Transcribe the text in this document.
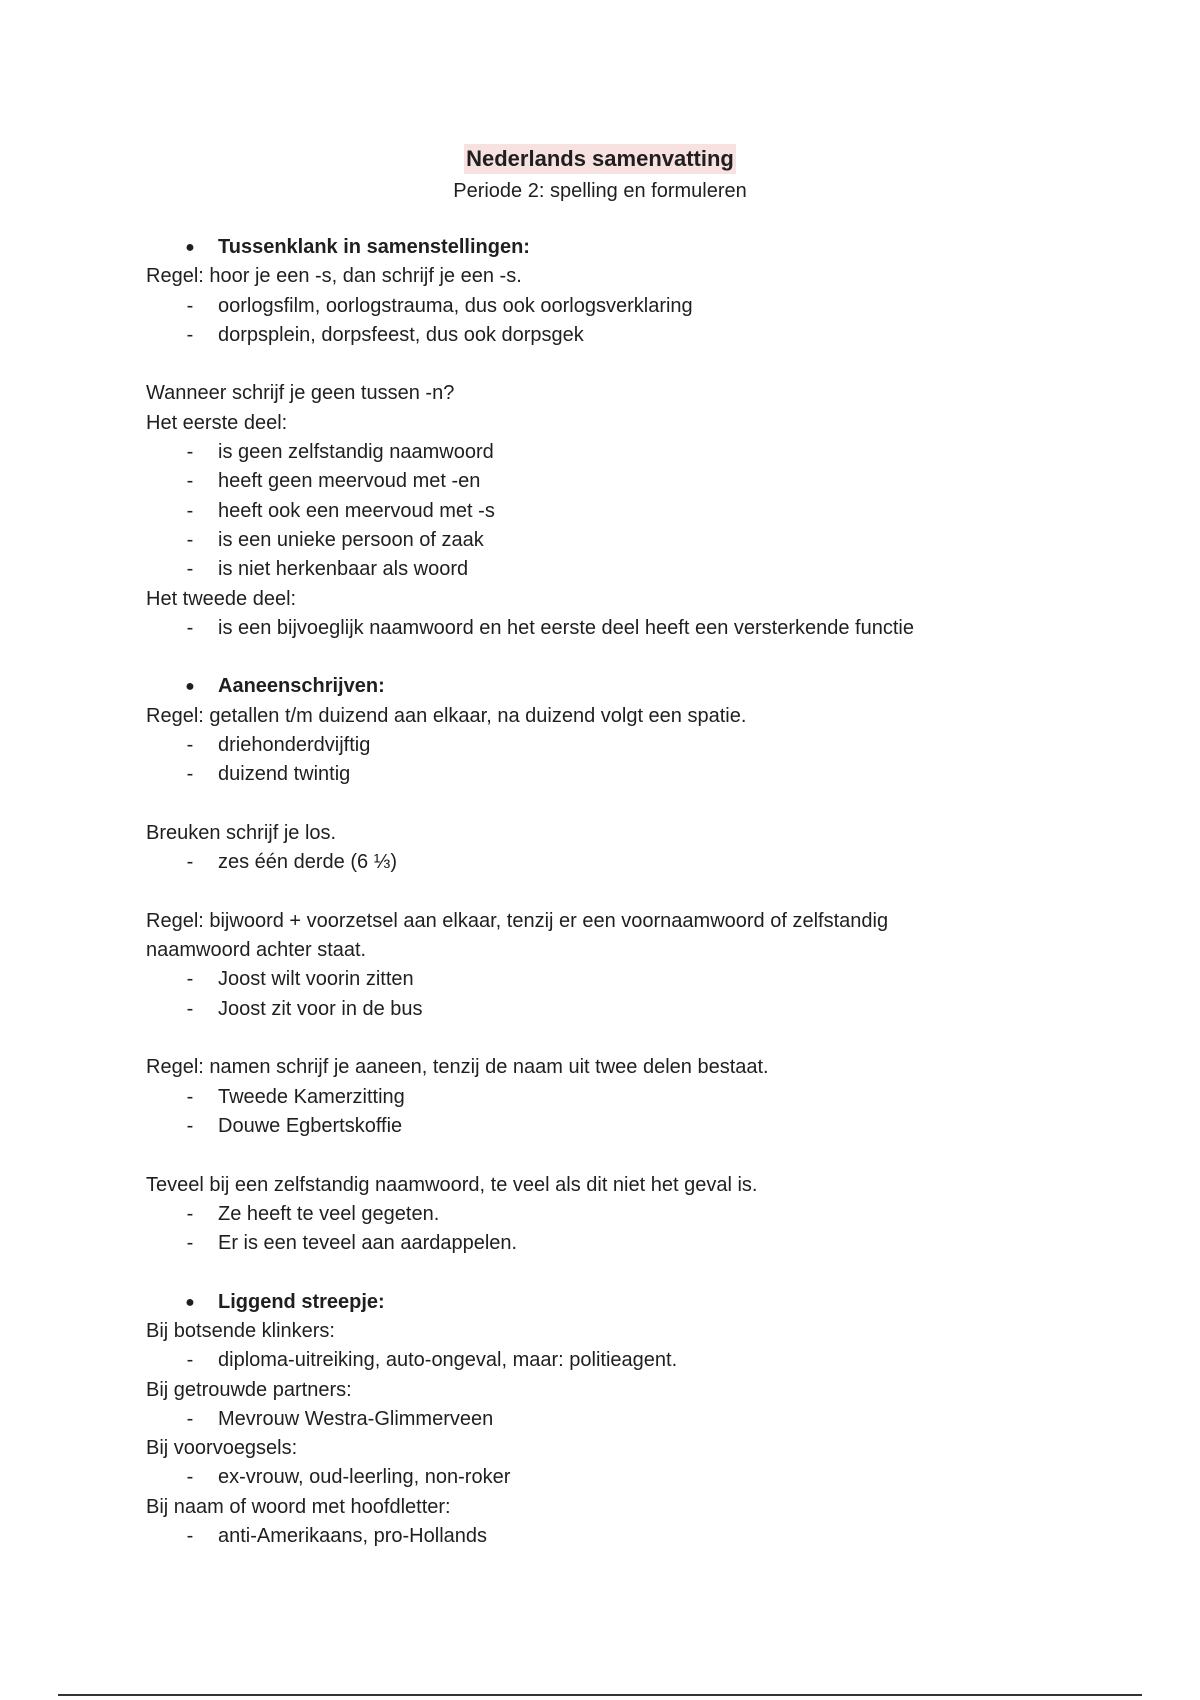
Nederlands samenvatting
Periode 2: spelling en formuleren
● Tussenklank in samenstellingen:
Regel: hoor je een -s, dan schrijf je een -s.
- oorlogsfilm, oorlogstrauma, dus ook oorlogsverklaring
- dorpsplein, dorpsfeest, dus ook dorpsgek
Wanneer schrijf je geen tussen -n?
Het eerste deel:
- is geen zelfstandig naamwoord
- heeft geen meervoud met -en
- heeft ook een meervoud met -s
- is een unieke persoon of zaak
- is niet herkenbaar als woord
Het tweede deel:
- is een bijvoeglijk naamwoord en het eerste deel heeft een versterkende functie
● Aaneenschrijven:
Regel: getallen t/m duizend aan elkaar, na duizend volgt een spatie.
- driehonderdvijftig
- duizend twintig
Breuken schrijf je los.
- zes één derde (6 ⅓)
Regel: bijwoord + voorzetsel aan elkaar, tenzij er een voornaamwoord of zelfstandig
naamwoord achter staat.
- Joost wilt voorin zitten
- Joost zit voor in de bus
Regel: namen schrijf je aaneen, tenzij de naam uit twee delen bestaat.
- Tweede Kamerzitting
- Douwe Egbertskoffie
Teveel bij een zelfstandig naamwoord, te veel als dit niet het geval is.
- Ze heeft te veel gegeten.
- Er is een teveel aan aardappelen.
● Liggend streepje:
Bij botsende klinkers:
- diploma-uitreiking, auto-ongeval, maar: politieagent.
Bij getrouwde partners:
- Mevrouw Westra-Glimmerveen
Bij voorvoegsels:
- ex-vrouw, oud-leerling, non-roker
Bij naam of woord met hoofdletter:
- anti-Amerikaans, pro-Hollands
